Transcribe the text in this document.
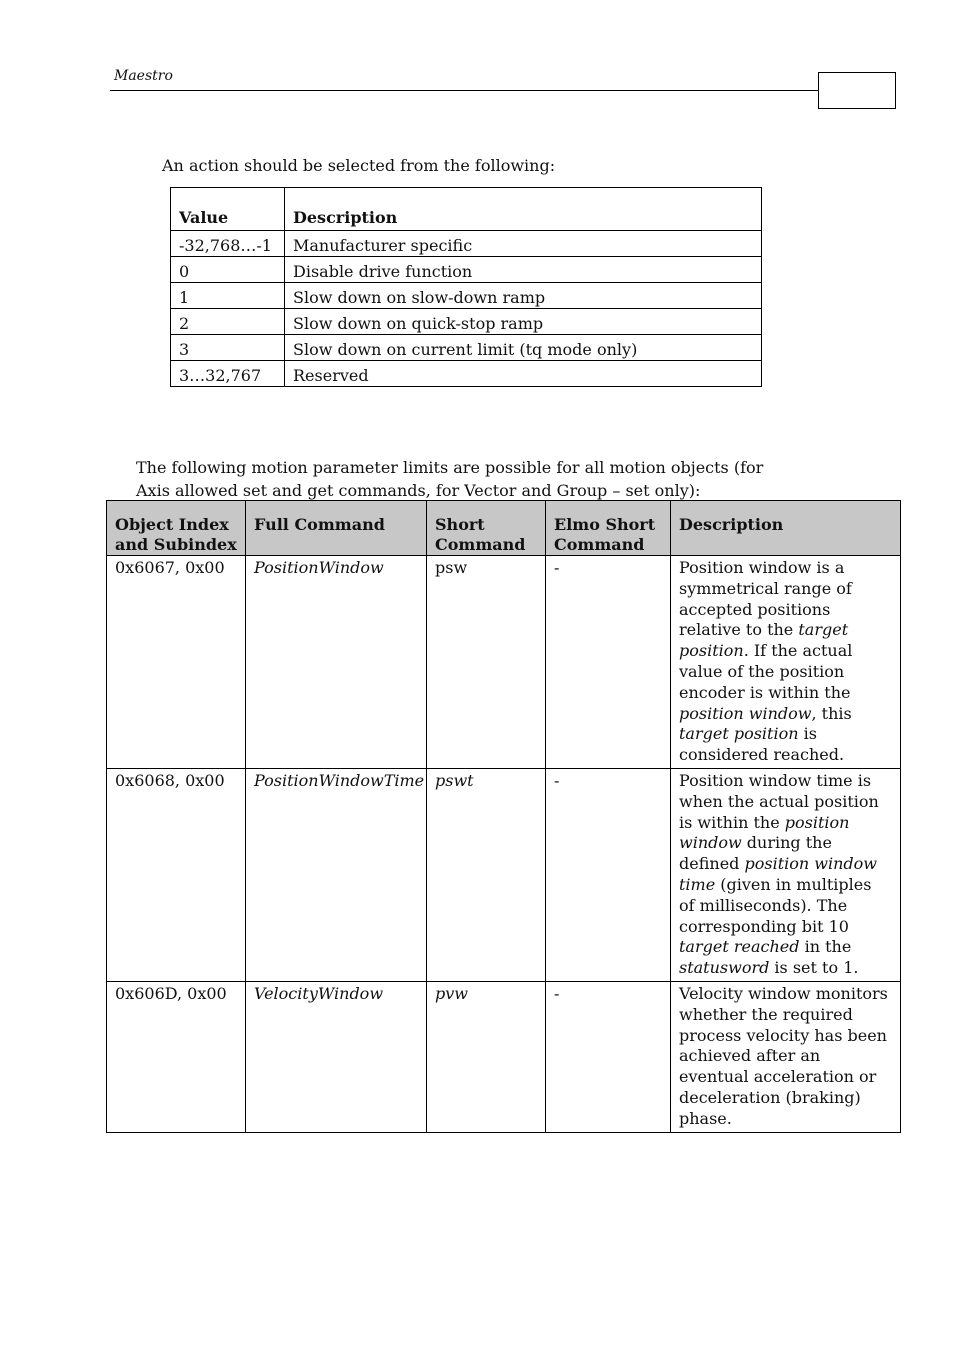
Maestro
An action should be selected from the following:
Value	Description
-32,768…-1	Manufacturer specific
0	Disable drive function
1	Slow down on slow-down ramp
2	Slow down on quick-stop ramp
3	Slow down on current limit (tq mode only)
3…32,767	Reserved
The following motion parameter limits are possible for all motion objects (for Axis allowed set and get commands, for Vector and Group – set only):
Object Index and Subindex	Full Command	Short Command	Elmo Short Command	Description
0x6067, 0x00	PositionWindow	psw	-	Position window is a symmetrical range of accepted positions relative to the target position. If the actual value of the position encoder is within the position window, this target position is considered reached.
0x6068, 0x00	PositionWindowTime	pswt	-	Position window time is when the actual position is within the position window during the defined position window time (given in multiples of milliseconds). The corresponding bit 10 target reached in the statusword is set to 1.
0x606D, 0x00	VelocityWindow	pvw	-	Velocity window monitors whether the required process velocity has been achieved after an eventual acceleration or deceleration (braking) phase.
